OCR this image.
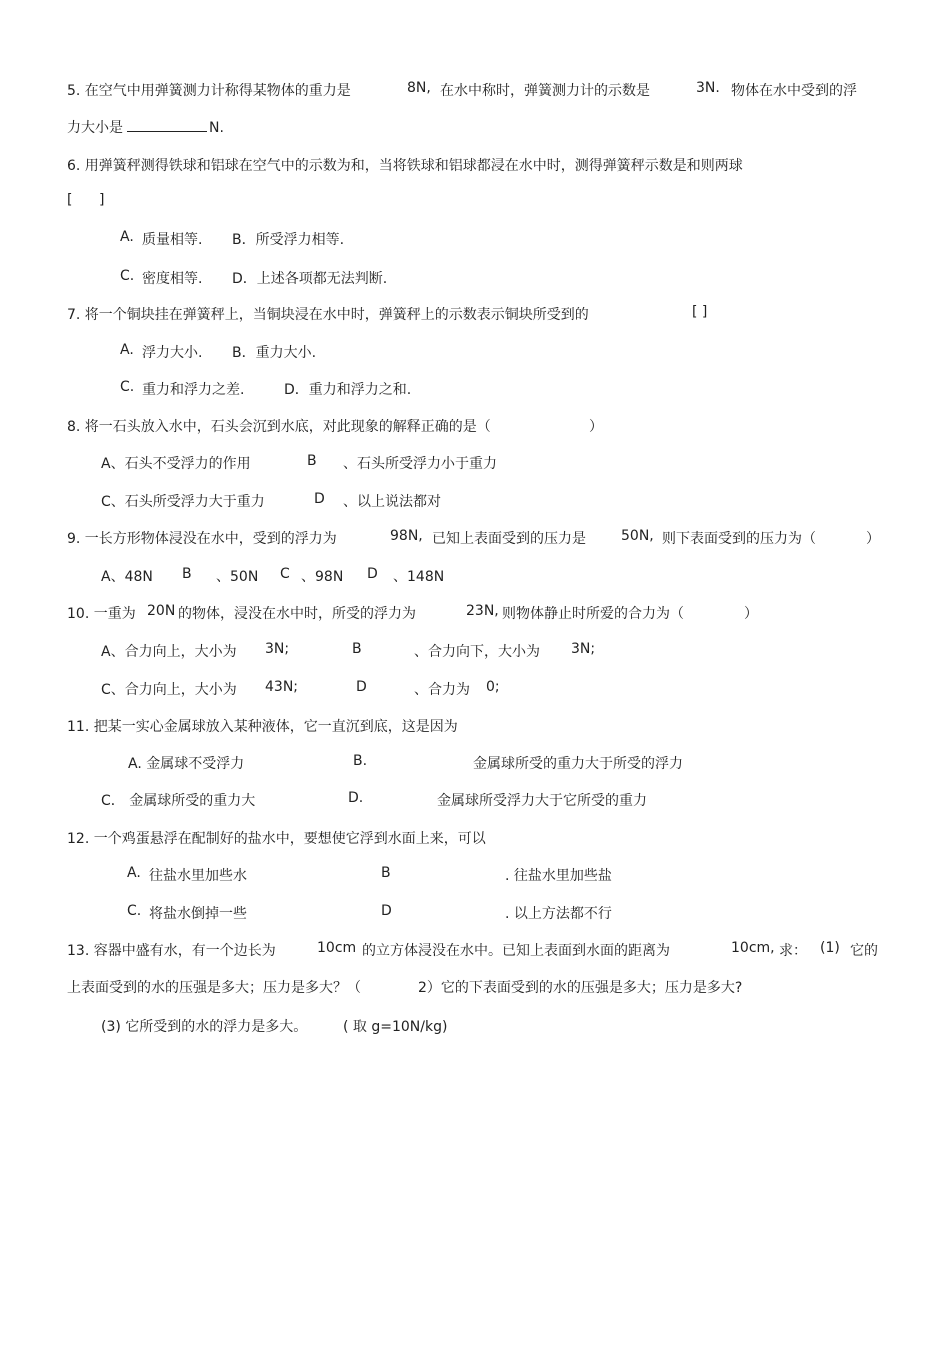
5. 在空气中用弹簧测力计称得某物体的重力是	8N, 在水中称时，弹簧测力计的示数是	3N. 物体在水中受到的浮
力大小是	N.
6. 用弹簧秤测得铁球和铝球在空气中的示数为和，当将铁球和铝球都浸在水中时，测得弹簧秤示数是和则两球
[ ]
A. 质量相等. B．所受浮力相等.
C. 密度相等. D．上述各项都无法判断.
7. 将一个铜块挂在弹簧秤上，当铜块浸在水中时，弹簧秤上的示数表示铜块所受到的	[ ]
A. 浮力大小. B．重力大小.
C. 重力和浮力之差.	D．重力和浮力之和.
8. 将一石头放入水中，石头会沉到水底，对此现象的解释正确的是（	）
A、石头不受浮力的作用	B 、石头所受浮力小于重力
C、石头所受浮力大于重力	D 、以上说法都对
9. 一长方形物体浸没在水中，受到的浮力为	98N, 已知上表面受到的压力是	50N, 则下表面受到的压力为（	）
A、48N B 、50N C 、98N D 、148N
10. 一重为 20N 的物体，浸没在水中时，所受的浮力为	23N, 则物体静止时所爱的合力为（	）
A、合力向上，大小为 3N;	B	、合力向下，大小为 3N;
C、合力向上，大小为 43N;	D	、合力为 0;
11. 把某一实心金属球放入某种液体，它一直沉到底，这是因为
A. 金属球不受浮力	B.	金属球所受的重力大于所受的浮力
C． 金属球所受的重力大	D.	金属球所受浮力大于它所受的重力
12. 一个鸡蛋悬浮在配制好的盐水中，要想使它浮到水面上来，可以
A. 往盐水里加些水	B	. 往盐水里加些盐
C. 将盐水倒掉一些	D	. 以上方法都不行
13. 容器中盛有水，有一个边长为	10cm 的立方体浸没在水中。已知上表面到水面的距离为	10cm, 求： (1) 它的
上表面受到的水的压强是多大；压力是多大？（	2）它的下表面受到的水的压强是多大；压力是多大?
(3) 它所受到的水的浮力是多大。	( 取 g=10N/kg)
